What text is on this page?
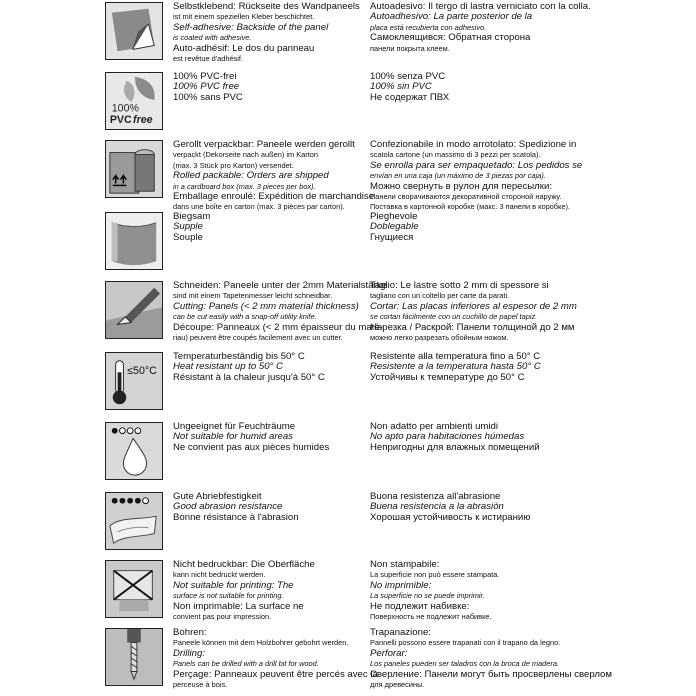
Selbstklebend: Rückseite des Wandpaneels
ist mit einem speziellen Kleber beschichtet.
Self-adhesive: Backside of the panel
is coated with adhesive.
Auto-adhésif: Le dos du panneau
est revêtue d'adhésif.
Autoadesivo: Il tergo di lastra verniciato con la colla.
Autoadhesivo: La parte posterior de la
placa está recubierta con adhesivo.
Самоклеящився: Обратная сторона
панели покрыта клеем.
100%
PVC free
100% PVC-frei
100% PVC free
100% sans PVC
100% senza PVC
100% sin PVC
Не содержат ПВХ
Gerollt verpackbar: Paneele werden gerollt
verpackt (Dekorseite nach außen) im Karton
(max. 3 Stück pro Karton) versendet.
Rolled packable: Orders are shipped
in a cardboard box (max. 3 pieces per box).
Emballage enroulé: Expédition de marchandise
dans une boîte en carton (max. 3 pièces par carton).
Confezionabile in modo arrotolato: Spedizione in
scatola cartone (un massimo di 3 pezzi per scatola).
Se enrolla para ser empaquetado: Los pedidos se
envían en una caja (un máximo de 3 piezas por caja).
Можно свернуть в рулон для пересылки:
Панели сворачиваются декоративной стороной наружу.
Поставка в картонной коробке (макс. 3 панели в коробке).
Biegsam
Supple
Souple
Pieghevole
Doblegable
Гнущиеся
Schneiden: Paneele unter der 2mm Materialstärke
sind mit einem Tapetenmesser leicht schneidbar.
Cutting: Panels (< 2 mm material thickness)
can be cut easily with a snap-off utility knife.
Découpe: Panneaux (< 2 mm épaisseur du maté-
riau) peuvent être coupés facilement avec un cutter.
Taglio: Le lastre sotto 2 mm di spessore si
tagliano con un coltello per carte da parati.
Cortar: Las placas inferiores al espesor de 2 mm
se cortan fácilmente con un cuchillo de papel tapiz.
Нарезка / Раскрой: Панели толщиной до 2 мм
можно легко разрезать обойным ножом.
≤50°C
Temperaturbeständig bis 50° C
Heat resistant up to 50° C
Résistant à la chaleur jusqu'à 50° C
Resistente alla temperatura fino a 50° C
Resistente a la temperatura hasta 50° C
Устойчивы к температуре до 50° C
Ungeeignet für Feuchträume
Not suitable for humid areas
Ne convient pas aux pièces humides
Non adatto per ambienti umidi
No apto para habitaciones húmedas
Непригодны для влажных помещений
Gute Abriebfestigkeit
Good abrasion resistance
Bonne résistance à l'abrasion
Buona resistenza all'abrasione
Buena resistencia a la abrasión
Хорошая устойчивость к истиранию
Nicht bedruckbar: Die Oberfläche
kann nicht bedruckt werden.
Not suitable for printing: The
surface is not suitable for printing.
Non imprimable: La surface ne
convient pas pour impression.
Non stampabile:
La superficie non può essere stampata.
No imprimible:
La superficie no se puede imprimir.
Не подлежит набивке:
Поверхность не подлежит набивке.
Bohren:
Paneele können mit dem Holzbohrer gebohrt werden.
Drilling:
Panels can be drilled with a drill bit for wood.
Perçage: Panneaux peuvent être percés avec la
perceuse à bois.
Trapanazione:
Pannelli possono essere trapanati con il trapano da legno.
Perforar:
Los paneles pueden ser taladros con la broca de madera.
Сверление: Панели могут быть просверлены сверлом
для древесины.
